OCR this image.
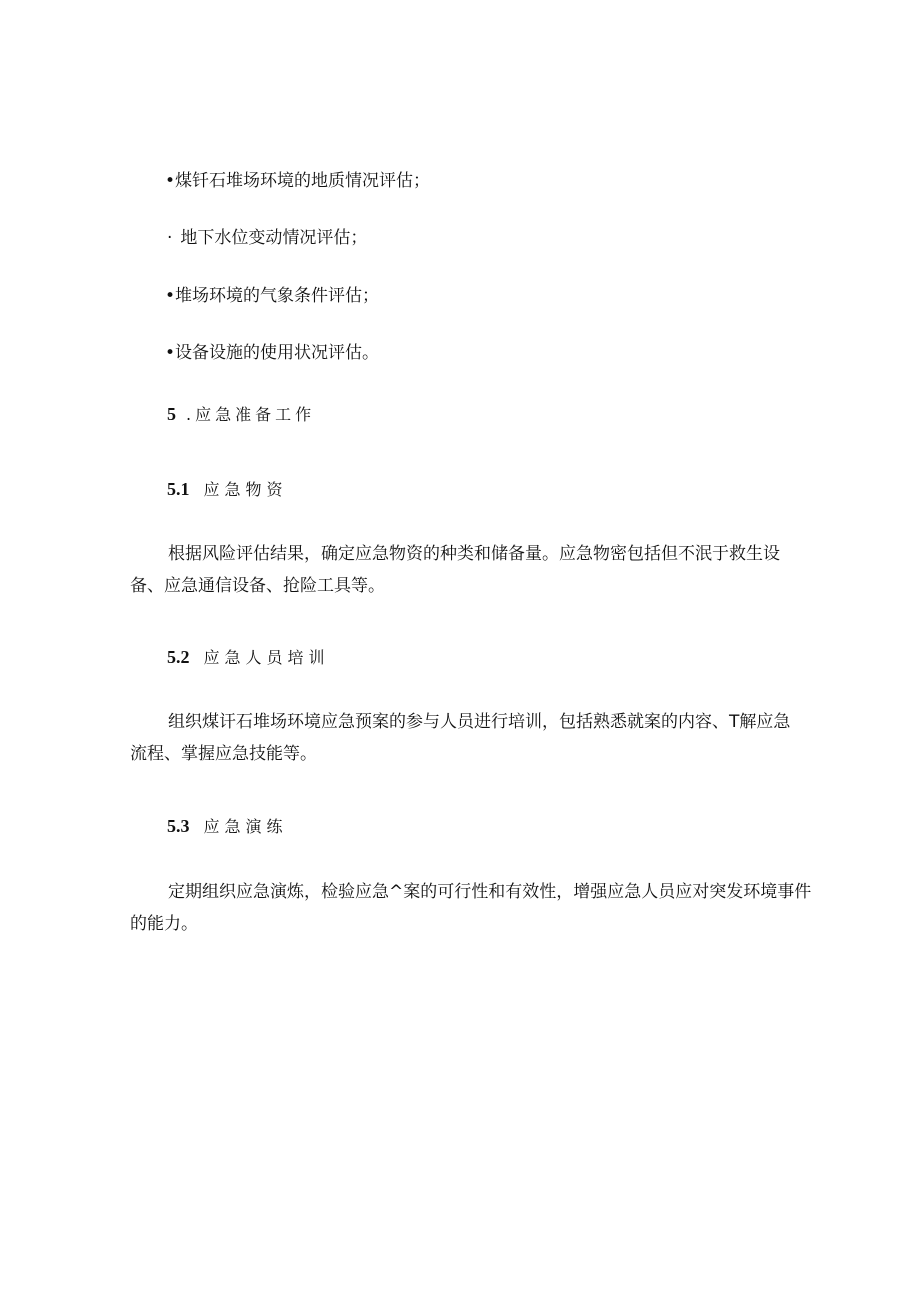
•煤钎石堆场环境的地质情况评估；
· 地下水位变动情况评估；
•堆场环境的气象条件评估；
•设备设施的使用状况评估。
5 .应急准备工作
5.1 应急物资
根据风险评估结果，确定应急物资的种类和储备量。应急物密包括但不泯于救生设
备、应急通信设备、抢险工具等。
5.2 应急人员培训
组织煤讦石堆场环境应急预案的参与人员进行培训，包括熟悉就案的内容、T解应急
流程、掌握应急技能等。
5.3 应急演练
定期组织应急演炼，检验应急^案的可行性和有效性，增强应急人员应对突发环境事件
的能力。
